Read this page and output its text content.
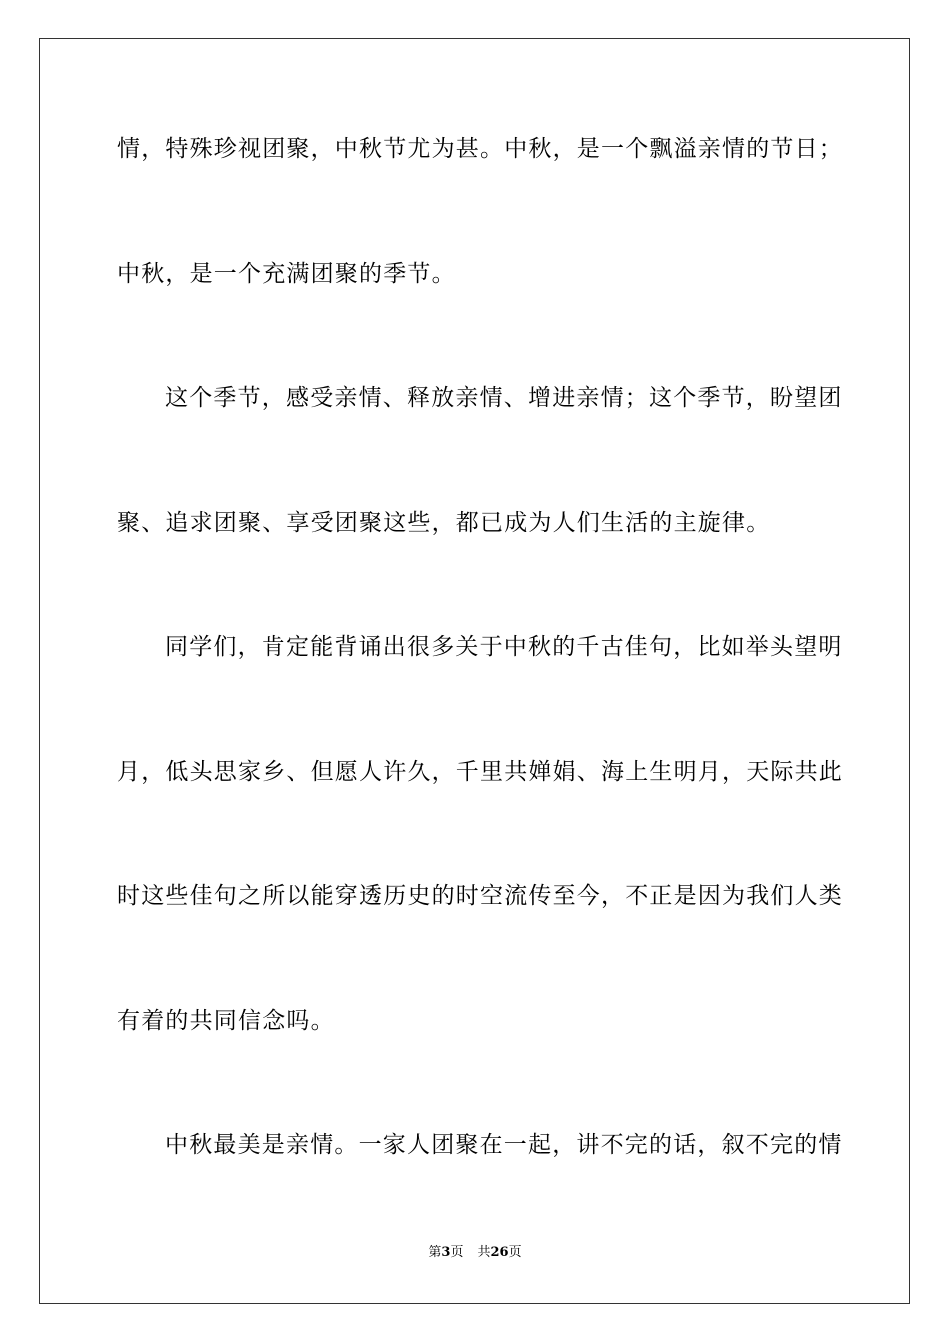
情，特殊珍视团聚，中秋节尤为甚。中秋，是一个飘溢亲情的节日；
中秋，是一个充满团聚的季节。
这个季节，感受亲情、释放亲情、增进亲情；这个季节，盼望团
聚、追求团聚、享受团聚这些，都已成为人们生活的主旋律。
同学们，肯定能背诵出很多关于中秋的千古佳句，比如举头望明
月，低头思家乡、但愿人许久，千里共婵娟、海上生明月，天际共此
时这些佳句之所以能穿透历史的时空流传至今，不正是因为我们人类
有着的共同信念吗。
中秋最美是亲情。一家人团聚在一起，讲不完的话，叙不完的情
第3页 共26页
